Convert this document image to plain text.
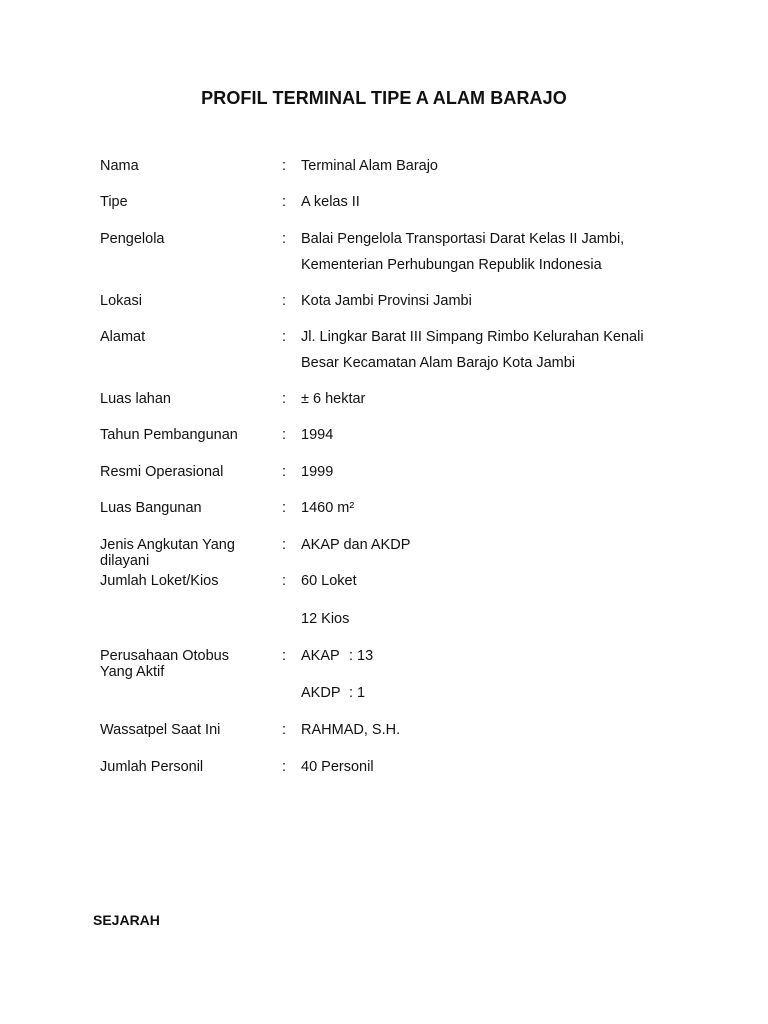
PROFIL TERMINAL TIPE A ALAM BARAJO
Nama	: Terminal Alam Barajo
Tipe	: A kelas II
Pengelola	: Balai Pengelola Transportasi Darat Kelas II Jambi,
Kementerian Perhubungan Republik Indonesia
Lokasi	: Kota Jambi Provinsi Jambi
Alamat	: Jl. Lingkar Barat III Simpang Rimbo Kelurahan Kenali
Besar Kecamatan Alam Barajo Kota Jambi
Luas lahan	: ± 6 hektar
Tahun Pembangunan	: 1994
Resmi Operasional	: 1999
Luas Bangunan	: 1460 m²
Jenis Angkutan Yang
dilayani
: AKAP dan AKDP
Jumlah Loket/Kios	: 60 Loket
12 Kios
Perusahaan Otobus
Yang Aktif
: AKAP : 13
AKDP : 1
Wassatpel Saat Ini	: RAHMAD, S.H.
Jumlah Personil	: 40 Personil
SEJARAH
